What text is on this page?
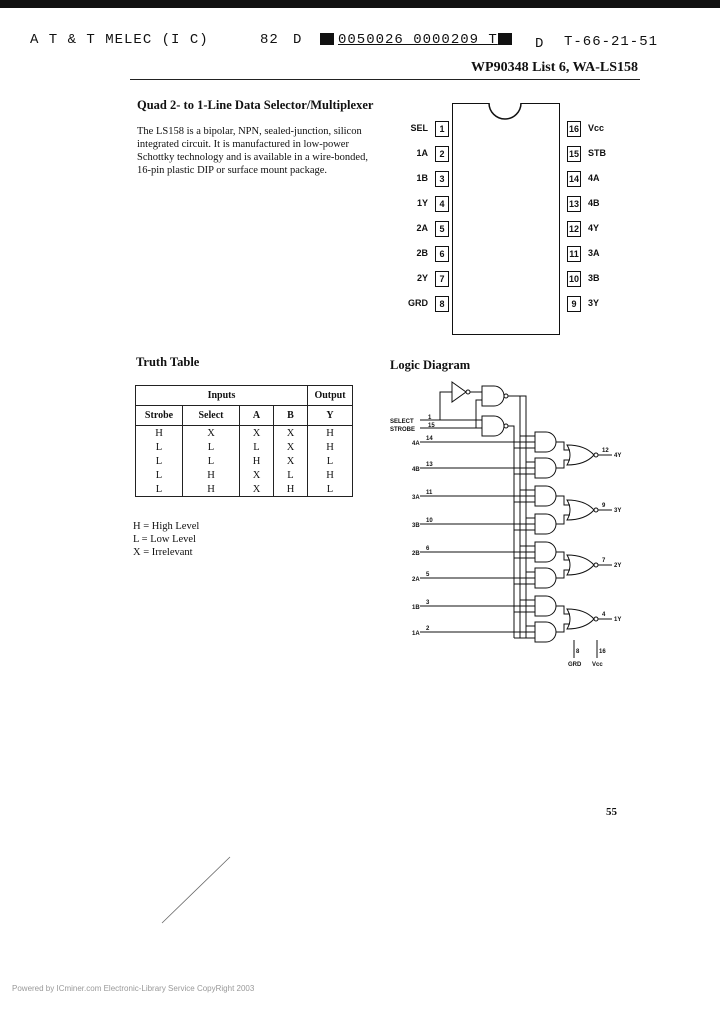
A T & T MELEC (I C)	82 D	0050026 0000209 T	D T-66-21-51
WP90348 List 6, WA-LS158
Quad 2- to 1-Line Data Selector/Multiplexer
The LS158 is a bipolar, NPN, sealed-junction, silicon integrated circuit. It is manufactured in low-power Schottky technology and is available in a wire-bonded, 16-pin plastic DIP or surface mount package.
SEL	1
1A	2
1B	3
1Y	4
2A	5
2B	6
2Y	7
GRD	8
16 Vcc
15 STB
14 4A
13 4B
12 4Y
11 3A
10 3B
9	3Y
Truth Table
Inputs				Output
Strobe	Select	A	B	Y
H	X	X	X	H
L	L	L	X	H
L	L	H	X	L
L	H	X	L	H
L	H	X	H	L
H = High Level
L = Low Level
X = Irrelevant
Logic Diagram
SELECT
STROBE
1
15
GRD Vcc
8	16
14
4A
13
4B
11
3A
10
3B
6
2B
5
2A
3
1B
2
1A
12
4Y
9
3Y
7
2Y
4
1Y
55
Powered by ICminer.com Electronic-Library Service CopyRight 2003
